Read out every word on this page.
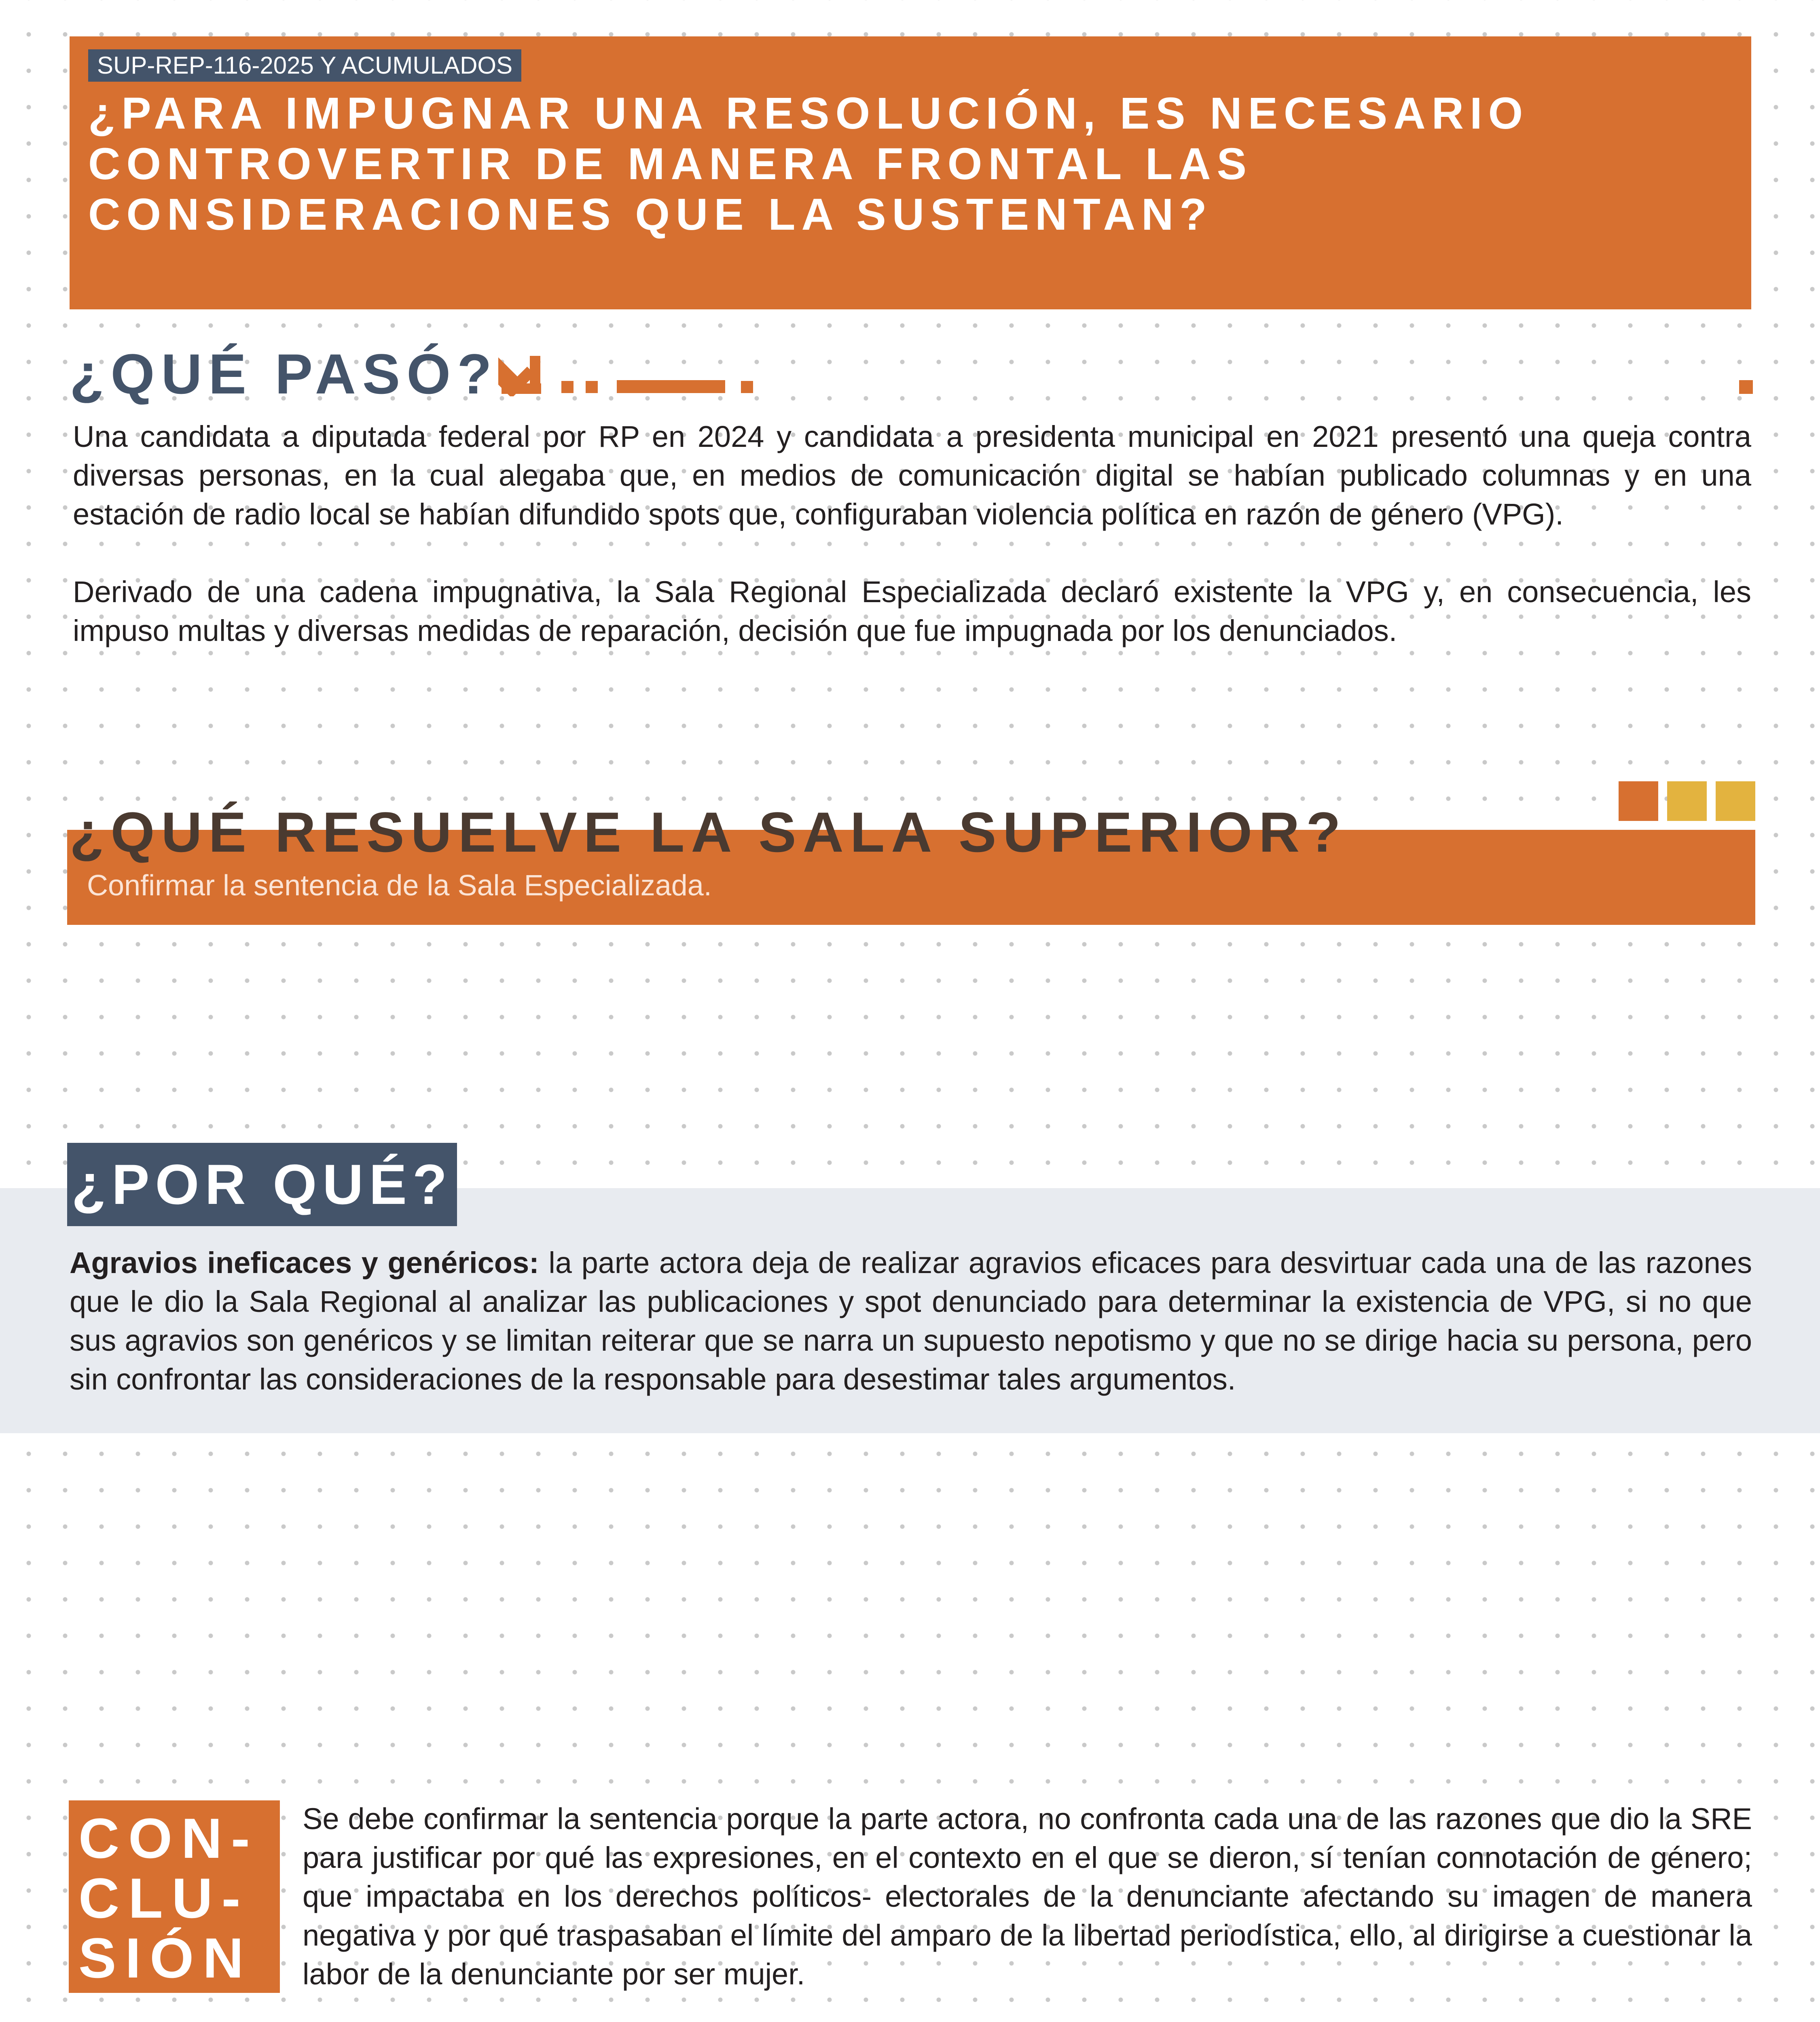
SUP-REP-116-2025 Y ACUMULADOS
¿PARA IMPUGNAR UNA RESOLUCIÓN, ES NECESARIO
CONTROVERTIR DE MANERA FRONTAL LAS
CONSIDERACIONES QUE LA SUSTENTAN?
¿QUÉ PASÓ?

Una candidata a diputada federal por RP en 2024 y candidata a presidenta municipal en 2021 presentó una queja contra diversas personas, en la cual alegaba que, en medios de comunicación digital se habían publicado columnas y en una estación de radio local se habían difundido spots que, configuraban violencia política en razón de género (VPG).

Derivado de una cadena impugnativa, la Sala Regional Especializada declaró existente la VPG y, en consecuencia, les impuso multas y diversas medidas de reparación, decisión que fue impugnada por los denunciados.

¿QUÉ RESUELVE LA SALA SUPERIOR?
Confirmar la sentencia de la Sala Especializada.
¿POR QUÉ?

Agravios ineficaces y genéricos: la parte actora deja de realizar agravios eficaces para desvirtuar cada una de las razones que le dio la Sala Regional al analizar las publicaciones y spot denunciado para determinar la existencia de VPG, si no que sus agravios son genéricos y se limitan reiterar que se narra un supuesto nepotismo y que no se dirige hacia su persona, pero sin confrontar las consideraciones de la responsable para desestimar tales argumentos.

CON-
CLU-
SIÓN

Se debe confirmar la sentencia porque la parte actora, no confronta cada una de las razones que dio la SRE para justificar por qué las expresiones, en el contexto en el que se dieron, sí tenían connotación de género; que impactaba en los derechos políticos- electorales de la denunciante afectando su imagen de manera negativa y por qué traspasaban el límite del amparo de la libertad periodística, ello, al dirigirse a cuestionar la labor de la denunciante por ser mujer.
